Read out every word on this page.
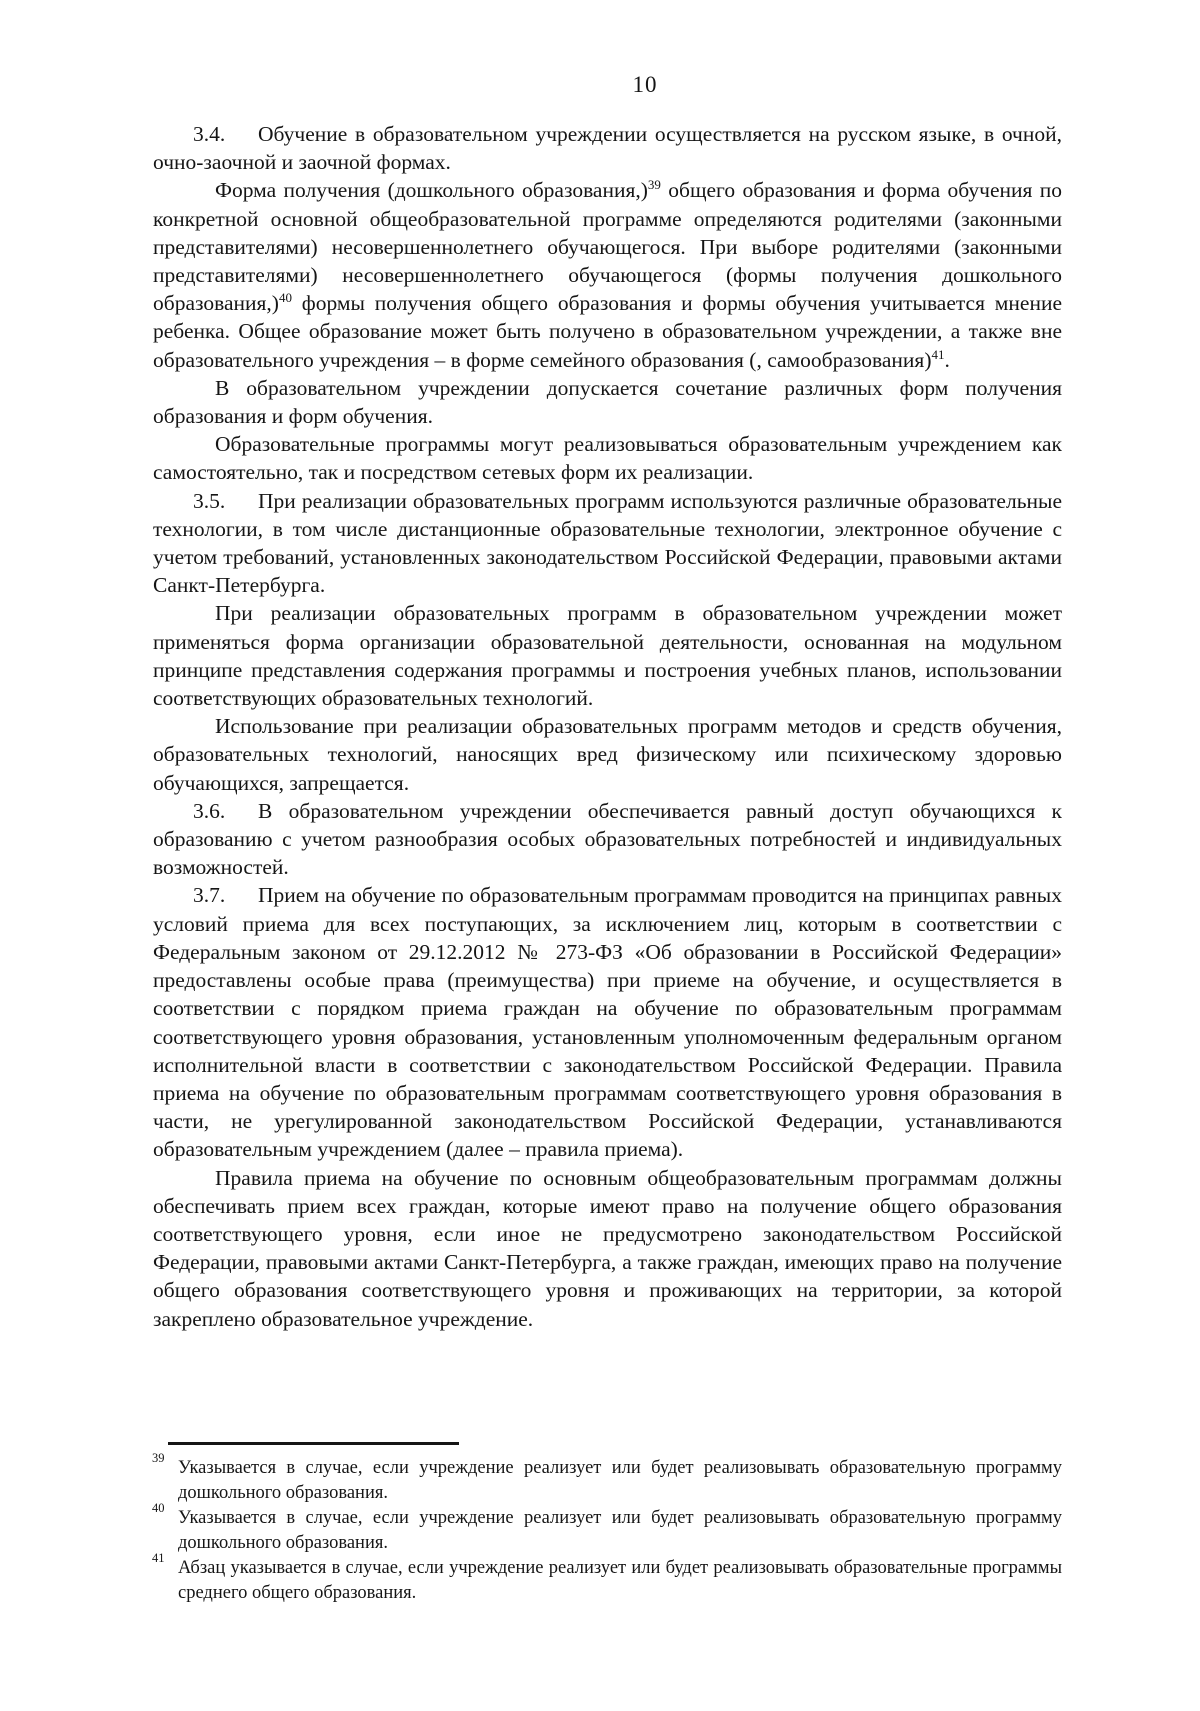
10

3.4. Обучение в образовательном учреждении осуществляется на русском языке, в очной, очно-заочной и заочной формах.

Форма получения (дошкольного образования,)$^{39}$ общего образования и форма обучения по конкретной основной общеобразовательной программе определяются родителями (законными представителями) несовершеннолетнего обучающегося. При выборе родителями (законными представителями) несовершеннолетнего обучающегося (формы получения дошкольного образования,)$^{40}$ формы получения общего образования и формы обучения учитывается мнение ребенка. Общее образование может быть получено в образовательном учреждении, а также вне образовательного учреждения – в форме семейного образования (, самообразования)$^{41}$.

В образовательном учреждении допускается сочетание различных форм получения образования и форм обучения.

Образовательные программы могут реализовываться образовательным учреждением как самостоятельно, так и посредством сетевых форм их реализации.

3.5. При реализации образовательных программ используются различные образовательные технологии, в том числе дистанционные образовательные технологии, электронное обучение с учетом требований, установленных законодательством Российской Федерации, правовыми актами Санкт-Петербурга.

При реализации образовательных программ в образовательном учреждении может применяться форма организации образовательной деятельности, основанная на модульном принципе представления содержания программы и построения учебных планов, использовании соответствующих образовательных технологий.

Использование при реализации образовательных программ методов и средств обучения, образовательных технологий, наносящих вред физическому или психическому здоровью обучающихся, запрещается.

3.6. В образовательном учреждении обеспечивается равный доступ обучающихся к образованию с учетом разнообразия особых образовательных потребностей и индивидуальных возможностей.

3.7. Прием на обучение по образовательным программам проводится на принципах равных условий приема для всех поступающих, за исключением лиц, которым в соответствии с Федеральным законом от 29.12.2012 № 273-ФЗ «Об образовании в Российской Федерации» предоставлены особые права (преимущества) при приеме на обучение, и осуществляется в соответствии с порядком приема граждан на обучение по образовательным программам соответствующего уровня образования, установленным уполномоченным федеральным органом исполнительной власти в соответствии с законодательством Российской Федерации. Правила приема на обучение по образовательным программам соответствующего уровня образования в части, не урегулированной законодательством Российской Федерации, устанавливаются образовательным учреждением (далее – правила приема).

Правила приема на обучение по основным общеобразовательным программам должны обеспечивать прием всех граждан, которые имеют право на получение общего образования соответствующего уровня, если иное не предусмотрено законодательством Российской Федерации, правовыми актами Санкт-Петербурга, а также граждан, имеющих право на получение общего образования соответствующего уровня и проживающих на территории, за которой закреплено образовательное учреждение.

39 Указывается в случае, если учреждение реализует или будет реализовывать образовательную программу дошкольного образования.

40 Указывается в случае, если учреждение реализует или будет реализовывать образовательную программу дошкольного образования.

41 Абзац указывается в случае, если учреждение реализует или будет реализовывать образовательные программы среднего общего образования.
